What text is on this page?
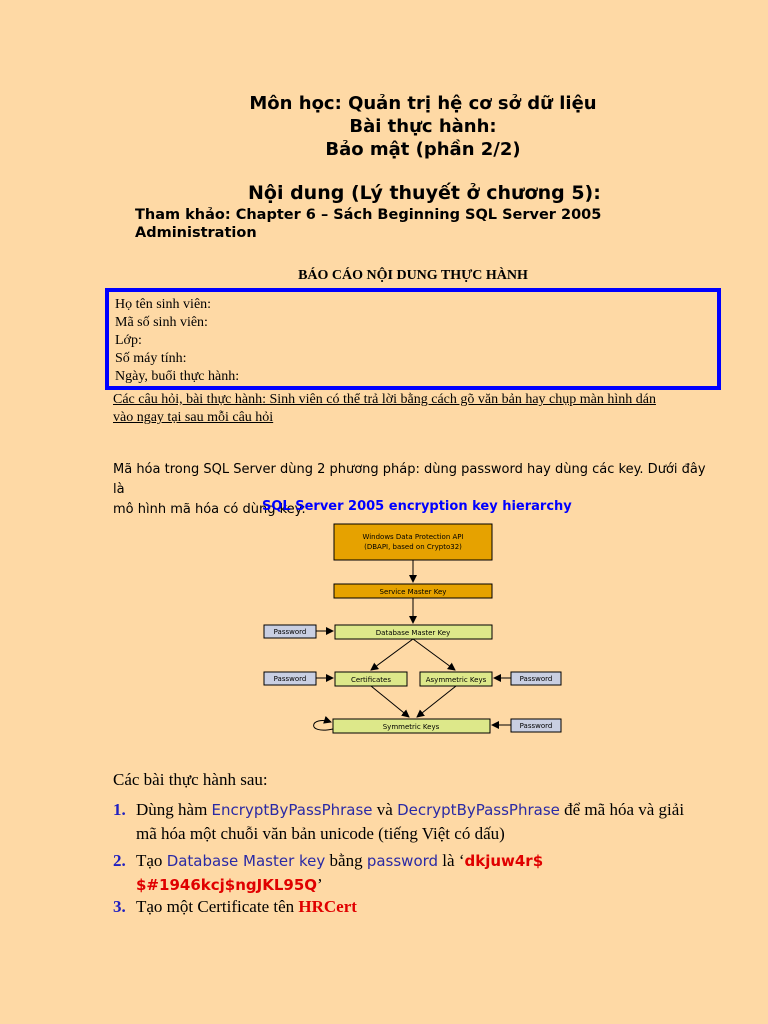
Môn học: Quản trị hệ cơ sở dữ liệu
Bài thực hành:
Bảo mật (phần 2/2)
Nội dung (Lý thuyết ở chương 5):
Tham khảo: Chapter 6 – Sách Beginning SQL Server 2005
Administration
BÁO CÁO NỘI DUNG THỰC HÀNH
Họ tên sinh viên:
Mã số sinh viên:
Lớp:
Số máy tính:
Ngày, buổi thực hành:
Các câu hỏi, bài thực hành: Sinh viên có thể trả lời bằng cách gõ văn bản hay chụp màn hình dán
vào ngay tại sau mỗi câu hỏi
Mã hóa trong SQL Server dùng 2 phương pháp: dùng password hay dùng các key. Dưới đây là
mô hình mã hóa có dùng key:
SQL Server 2005 encryption key hierarchy
Windows Data Protection API
(DBAPI, based on Crypto32)
Service Master Key
Password	Database Master Key
Password	Certificates	Asymmetric Keys	Password
Symmetric Keys	Password
Các bài thực hành sau:
1. Dùng hàm EncryptByPassPhrase và DecryptByPassPhrase để mã hóa và giải
mã hóa một chuỗi văn bản unicode (tiếng Việt có dấu)
2. Tạo Database Master key bằng password là ‘dkjuw4r$
$#1946kcj$ngJKL95Q’
3. Tạo một Certificate tên HRCert
